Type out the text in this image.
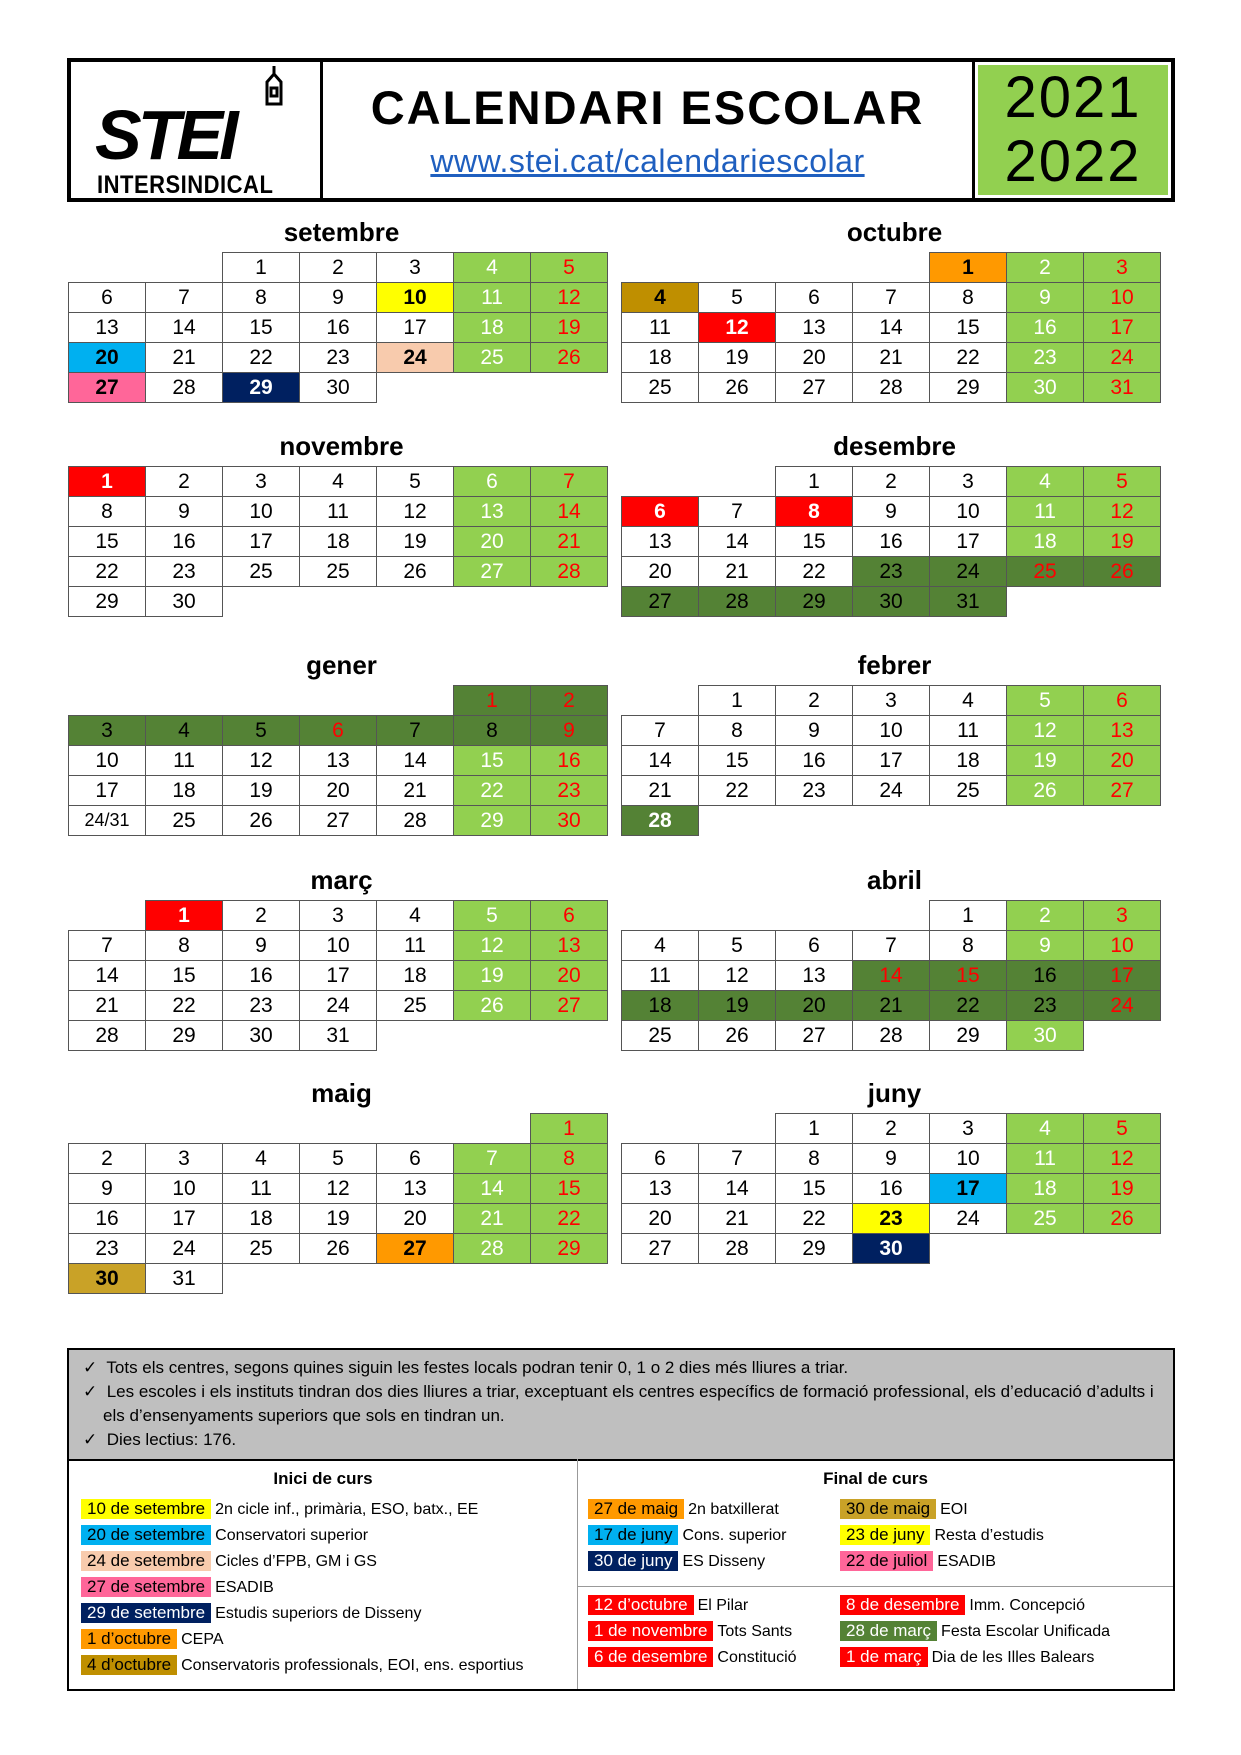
STEI
INTERSINDICAL
CALENDARI ESCOLAR
www.stei.cat/calendariescolar
2021
2022
setembre
		1	2	3	4	5
6	7	8	9	10	11	12
13	14	15	16	17	18	19
20	21	22	23	24	25	26
27	28	29	30			
octubre
				1	2	3
4	5	6	7	8	9	10
11	12	13	14	15	16	17
18	19	20	21	22	23	24
25	26	27	28	29	30	31
novembre
1	2	3	4	5	6	7
8	9	10	11	12	13	14
15	16	17	18	19	20	21
22	23	25	25	26	27	28
29	30					
desembre
		1	2	3	4	5
6	7	8	9	10	11	12
13	14	15	16	17	18	19
20	21	22	23	24	25	26
27	28	29	30	31		
gener
					1	2
3	4	5	6	7	8	9
10	11	12	13	14	15	16
17	18	19	20	21	22	23
24/31	25	26	27	28	29	30
febrer
	1	2	3	4	5	6
7	8	9	10	11	12	13
14	15	16	17	18	19	20
21	22	23	24	25	26	27
28						
març
	1	2	3	4	5	6
7	8	9	10	11	12	13
14	15	16	17	18	19	20
21	22	23	24	25	26	27
28	29	30	31			
abril
				1	2	3
4	5	6	7	8	9	10
11	12	13	14	15	16	17
18	19	20	21	22	23	24
25	26	27	28	29	30	
maig
						1
2	3	4	5	6	7	8
9	10	11	12	13	14	15
16	17	18	19	20	21	22
23	24	25	26	27	28	29
30	31					
juny
		1	2	3	4	5
6	7	8	9	10	11	12
13	14	15	16	17	18	19
20	21	22	23	24	25	26
27	28	29	30			
✓ Tots els centres, segons quines siguin les festes locals podran tenir 0, 1 o 2 dies més lliures a triar.
✓ Les escoles i els instituts tindran dos dies lliures a triar, exceptuant els centres específics de formació professional, els d’educació d’adults i els d’ensenyaments superiors que sols en tindran un.
✓ Dies lectius: 176.
Inici de curs
10 de setembre 2n cicle inf., primària, ESO, batx., EE
20 de setembre Conservatori superior
24 de setembre Cicles d’FPB, GM i GS
27 de setembre ESADIB
29 de setembre Estudis superiors de Disseny
1 d’octubre CEPA
4 d’octubre Conservatoris professionals, EOI, ens. esportius
Final de curs
27 de maig 2n batxillerat	30 de maig EOI
17 de juny Cons. superior	23 de juny Resta d’estudis
30 de juny ES Disseny	22 de juliol ESADIB
12 d’octubre El Pilar	8 de desembre Imm. Concepció
1 de novembre Tots Sants	28 de març Festa Escolar Unificada
6 de desembre Constitució	1 de març Dia de les Illes Balears
